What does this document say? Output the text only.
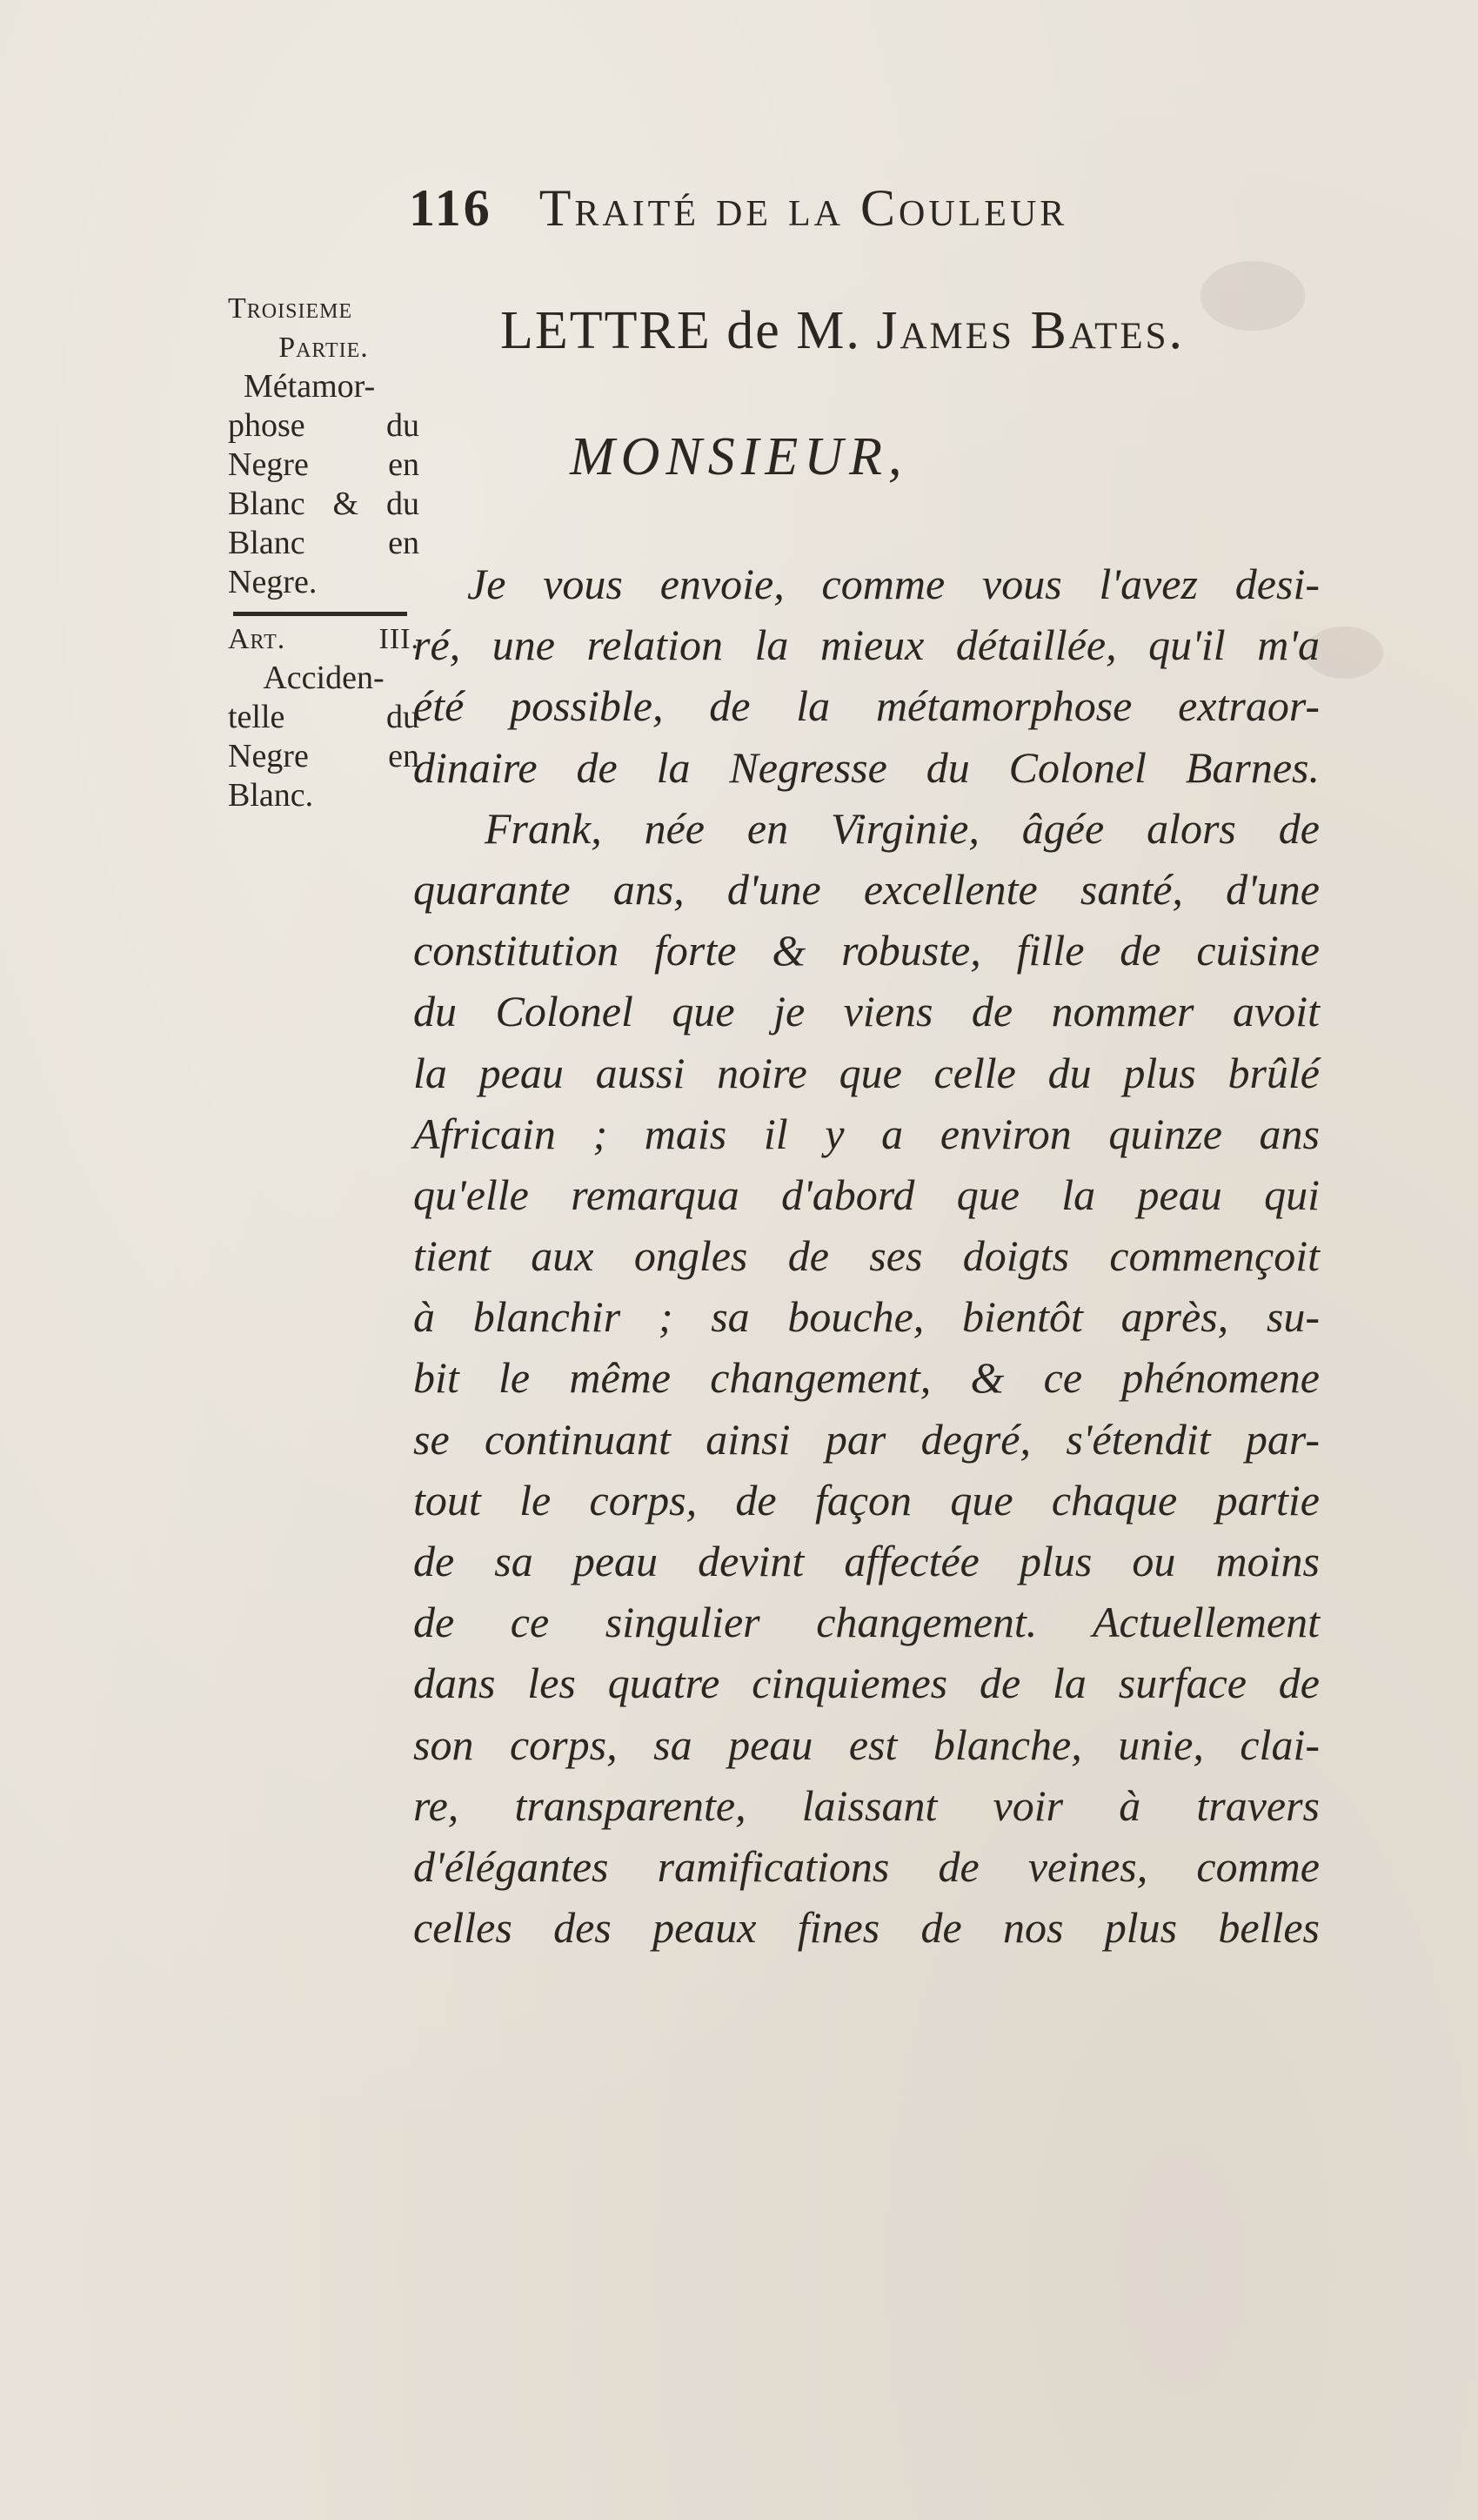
116 Traité de la Couleur
Troisieme
Partie.
Métamor-
phose du
Negre en
Blanc & du
Blanc en
Negre.
Art. III.
Acciden-
telle du
Negre en
Blanc.
LETTRE de M. James Bates.
MONSIEUR,
Je vous envoie, comme vous l'avez desi-
ré, une relation la mieux détaillée, qu'il m'a
été possible, de la métamorphose extraor-
dinaire de la Negresse du Colonel Barnes.
Frank, née en Virginie, âgée alors de
quarante ans, d'une excellente santé, d'une
constitution forte & robuste, fille de cuisine
du Colonel que je viens de nommer avoit
la peau aussi noire que celle du plus brûlé
Africain ; mais il y a environ quinze ans
qu'elle remarqua d'abord que la peau qui
tient aux ongles de ses doigts commençoit
à blanchir ; sa bouche, bientôt après, su-
bit le même changement, & ce phénomene
se continuant ainsi par degré, s'étendit par-
tout le corps, de façon que chaque partie
de sa peau devint affectée plus ou moins
de ce singulier changement. Actuellement
dans les quatre cinquiemes de la surface de
son corps, sa peau est blanche, unie, clai-
re, transparente, laissant voir à travers
d'élégantes ramifications de veines, comme
celles des peaux fines de nos plus belles
